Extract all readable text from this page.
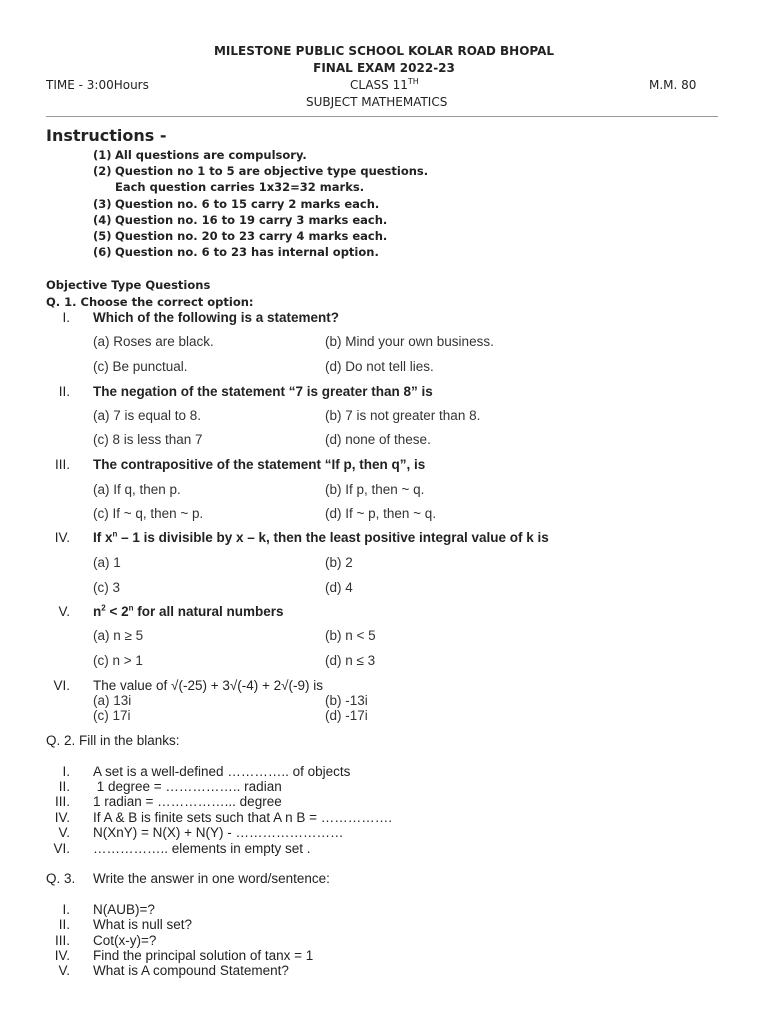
MILESTONE PUBLIC SCHOOL KOLAR ROAD BHOPAL
FINAL EXAM 2022-23
TIME - 3:00Hours	CLASS 11TH	M.M. 80
SUBJECT MATHEMATICS
Instructions -
(1) All questions are compulsory.
(2) Question no 1 to 5 are objective type questions.
Each question carries 1x32=32 marks.
(3) Question no. 6 to 15 carry 2 marks each.
(4) Question no. 16 to 19 carry 3 marks each.
(5) Question no. 20 to 23 carry 4 marks each.
(6) Question no. 6 to 23 has internal option.
Objective Type Questions
Q. 1. Choose the correct option:
I. Which of the following is a statement?
(a) Roses are black.	(b) Mind your own business.
(c) Be punctual.	(d) Do not tell lies.
II. The negation of the statement “7 is greater than 8” is
(a) 7 is equal to 8.	(b) 7 is not greater than 8.
(c) 8 is less than 7	(d) none of these.
III. The contrapositive of the statement “If p, then q”, is
(a) If q, then p.	(b) If p, then ~ q.
(c) If ~ q, then ~ p.	(d) If ~ p, then ~ q.
IV. If $x^n - 1$ is divisible by x – k, then the least positive integral value of k is
(a) 1	(b) 2
(c) 3	(d) 4
V. $n^2 < 2^n$ for all natural numbers
(a) n ≥ 5	(b) n < 5
(c) n > 1	(d) n ≤ 3
VI. The value of √(-25) + 3√(-4) + 2√(-9) is
(a) 13i	(b) -13i
(c) 17i	(d) -17i
Q. 2. Fill in the blanks:
I. A set is a well-defined ………….. of objects
II. 1 degree = …………….. radian
III. 1 radian = ……………... degree
IV. If A & B is finite sets such that A n B = …………….
V. N(XnY) = N(X) + N(Y) - ……………………
VI. …………….. elements in empty set .
Q. 3. Write the answer in one word/sentence:
I. N(AUB)=?
II. What is null set?
III. Cot(x-y)=?
IV. Find the principal solution of tanx = 1
V. What is A compound Statement?
